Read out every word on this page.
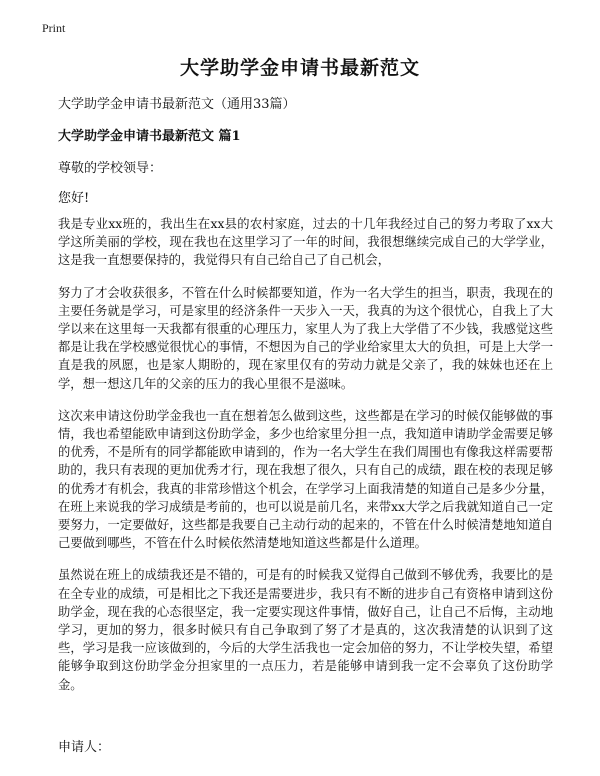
Print
大学助学金申请书最新范文
大学助学金申请书最新范文（通用33篇）
大学助学金申请书最新范文 篇1
尊敬的学校领导：
您好!

我是专业xx班的，我出生在xx县的农村家庭，过去的十几年我经过自己的努力考取了xx大学这所美丽的学校，现在我也在这里学习了一年的时间，我很想继续完成自己的大学学业，这是我一直想要保持的，我觉得只有自己给自己了自己机会，

努力了才会收获很多，不管在什么时候都要知道，作为一名大学生的担当，职责，我现在的主要任务就是学习，可是家里的经济条件一天步入一天，我真的为这个很忧心，自我上了大学以来在这里每一天我都有很重的心理压力，家里人为了我上大学借了不少钱，我感觉这些都是让我在学校感觉很忧心的事情，不想因为自己的学业给家里太大的负担，可是上大学一直是我的夙愿，也是家人期盼的，现在家里仅有的劳动力就是父亲了，我的妹妹也还在上学，想一想这几年的父亲的压力的我心里很不是滋味。

这次来申请这份助学金我也一直在想着怎么做到这些，这些都是在学习的时候仅能够做的事情，我也希望能欧申请到这份助学金，多少也给家里分担一点，我知道申请助学金需要足够的优秀，不是所有的同学都能欧申请到的，作为一名大学生在我们周围也有像我这样需要帮助的，我只有表现的更加优秀才行，现在我想了很久，只有自己的成绩，跟在校的表现足够的优秀才有机会，我真的非常珍惜这个机会，在学学习上面我清楚的知道自己是多少分量，在班上来说我的学习成绩是考前的，也可以说是前几名，来带xx大学之后我就知道自己一定要努力，一定要做好，这些都是我要自己主动行动的起来的，不管在什么时候清楚地知道自己要做到哪些，不管在什么时候依然清楚地知道这些都是什么道理。

虽然说在班上的成绩我还是不错的，可是有的时候我又觉得自己做到不够优秀，我要比的是在全专业的成绩，可是相比之下我还是需要进步，我只有不断的进步自己有资格申请到这份助学金，现在我的心态很坚定，我一定要实现这件事情，做好自己，让自己不后悔，主动地学习，更加的努力，很多时候只有自己争取到了努了才是真的，这次我清楚的认识到了这些，学习是我一应该做到的，今后的大学生活我也一定会加倍的努力，不让学校失望，希望能够争取到这份助学金分担家里的一点压力，若是能够申请到我一定不会辜负了这份助学金。

申请人：
